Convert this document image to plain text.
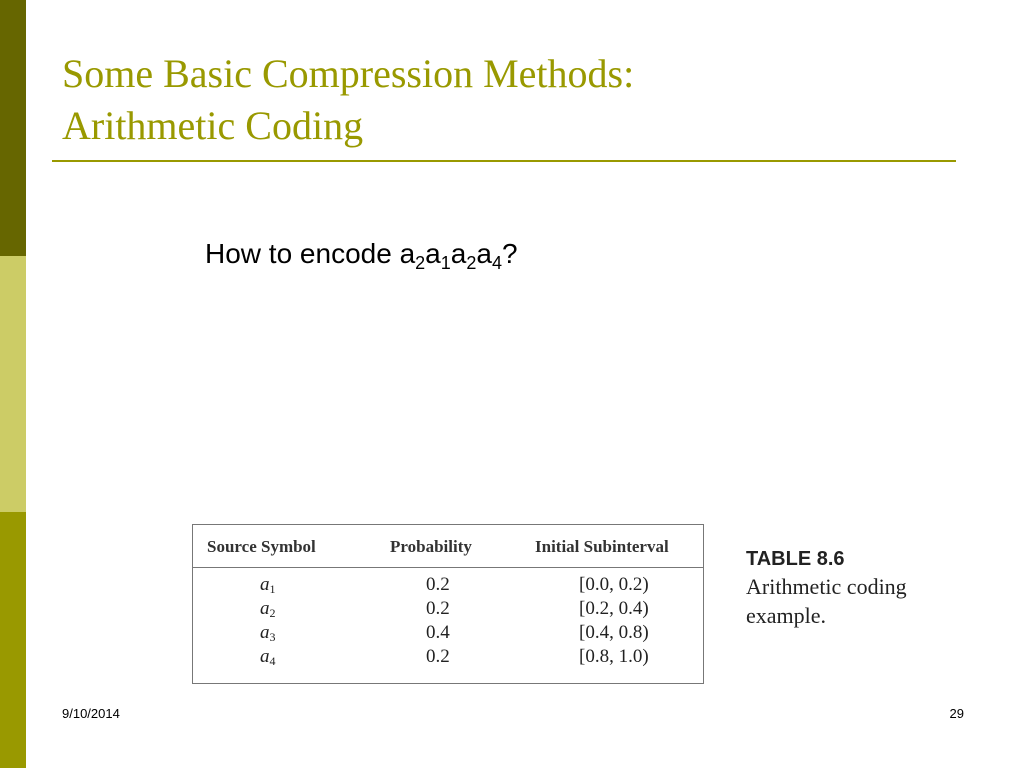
Some Basic Compression Methods:
Arithmetic Coding
How to encode $a_2a_1a_2a_4$?
Source Symbol	Probability	Initial Subinterval
$a_1$	0.2	[0.0, 0.2)
$a_2$	0.2	[0.2, 0.4)
$a_3$	0.4	[0.4, 0.8)
$a_4$	0.2	[0.8, 1.0)
TABLE 8.6
Arithmetic coding
example.
9/10/2014	29
